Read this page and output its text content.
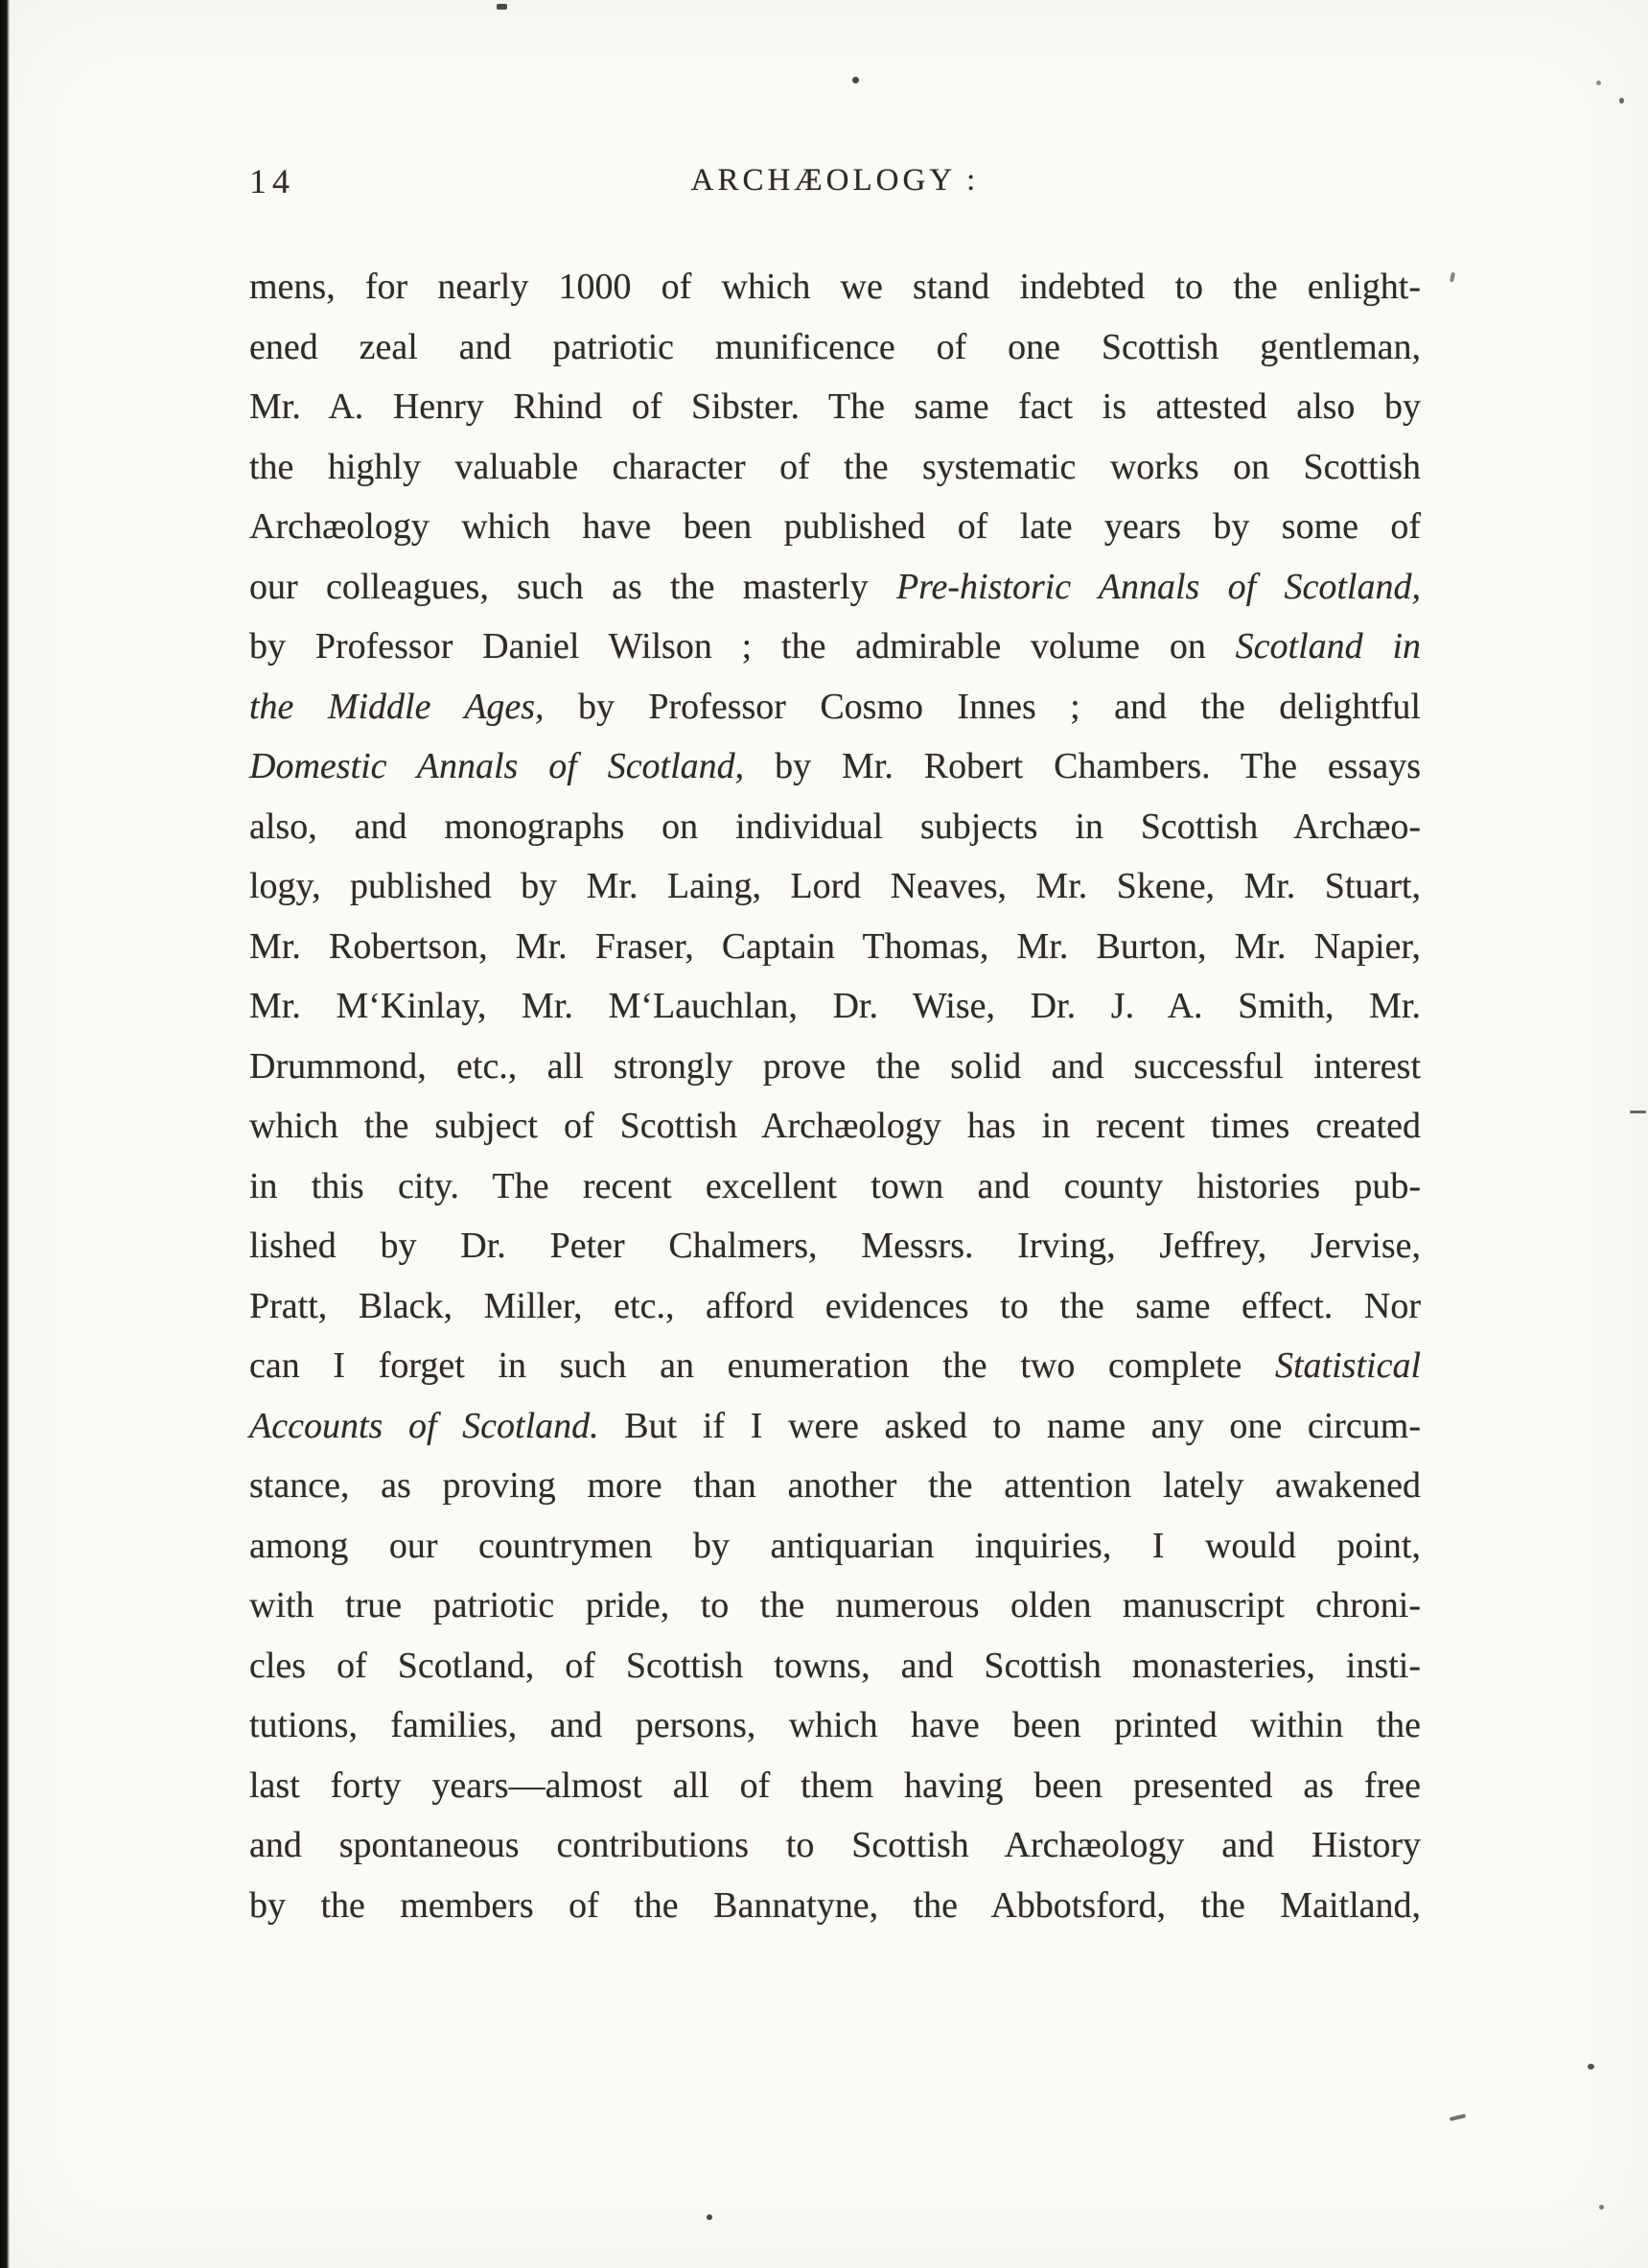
14	ARCHÆOLOGY :
mens, for nearly 1000 of which we stand indebted to the enlight-
ened zeal and patriotic munificence of one Scottish gentleman,
Mr. A. Henry Rhind of Sibster. The same fact is attested also by
the highly valuable character of the systematic works on Scottish
Archæology which have been published of late years by some of
our colleagues, such as the masterly Pre-historic Annals of Scotland,
by Professor Daniel Wilson ; the admirable volume on Scotland in
the Middle Ages, by Professor Cosmo Innes ; and the delightful
Domestic Annals of Scotland, by Mr. Robert Chambers. The essays
also, and monographs on individual subjects in Scottish Archæo-
logy, published by Mr. Laing, Lord Neaves, Mr. Skene, Mr. Stuart,
Mr. Robertson, Mr. Fraser, Captain Thomas, Mr. Burton, Mr. Napier,
Mr. M‘Kinlay, Mr. M‘Lauchlan, Dr. Wise, Dr. J. A. Smith, Mr.
Drummond, etc., all strongly prove the solid and successful interest
which the subject of Scottish Archæology has in recent times created
in this city. The recent excellent town and county histories pub-
lished by Dr. Peter Chalmers, Messrs. Irving, Jeffrey, Jervise,
Pratt, Black, Miller, etc., afford evidences to the same effect. Nor
can I forget in such an enumeration the two complete Statistical
Accounts of Scotland. But if I were asked to name any one circum-
stance, as proving more than another the attention lately awakened
among our countrymen by antiquarian inquiries, I would point,
with true patriotic pride, to the numerous olden manuscript chroni-
cles of Scotland, of Scottish towns, and Scottish monasteries, insti-
tutions, families, and persons, which have been printed within the
last forty years—almost all of them having been presented as free
and spontaneous contributions to Scottish Archæology and History
by the members of the Bannatyne, the Abbotsford, the Maitland,
